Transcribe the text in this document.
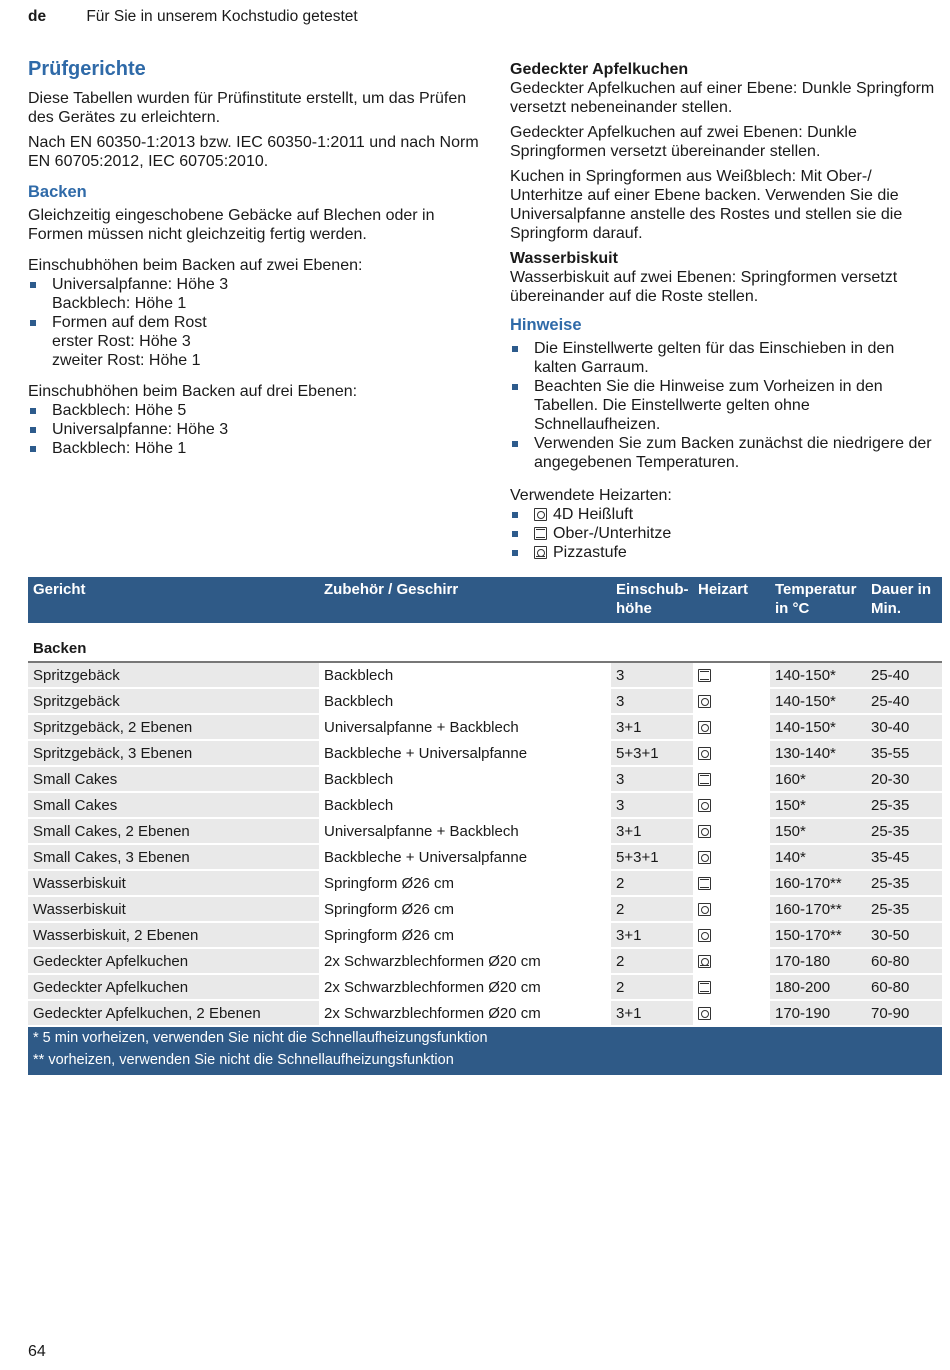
de	Für Sie in unserem Kochstudio getestet
Prüfgerichte

Diese Tabellen wurden für Prüfinstitute erstellt, um das Prüfen des Gerätes zu erleichtern.

Nach EN 60350-1:2013 bzw. IEC 60350-1:2011 und nach Norm EN 60705:2012, IEC 60705:2010.

Backen

Gleichzeitig eingeschobene Gebäcke auf Blechen oder in Formen müssen nicht gleichzeitig fertig werden.

Einschubhöhen beim Backen auf zwei Ebenen:

Universalpfanne: Höhe 3
Backblech: Höhe 1
Formen auf dem Rost
erster Rost: Höhe 3
zweiter Rost: Höhe 1

Einschubhöhen beim Backen auf drei Ebenen:

Backblech: Höhe 5
Universalpfanne: Höhe 3
Backblech: Höhe 1
Gedeckter Apfelkuchen

Gedeckter Apfelkuchen auf einer Ebene: Dunkle Springform versetzt nebeneinander stellen.

Gedeckter Apfelkuchen auf zwei Ebenen: Dunkle Springformen versetzt übereinander stellen.

Kuchen in Springformen aus Weißblech: Mit Ober-/ Unterhitze auf einer Ebene backen. Verwenden Sie die Universalpfanne anstelle des Rostes und stellen sie die Springform darauf.

Wasserbiskuit

Wasserbiskuit auf zwei Ebenen: Springformen versetzt übereinander auf die Roste stellen.

Hinweise
Die Einstellwerte gelten für das Einschieben in den kalten Garraum.
Beachten Sie die Hinweise zum Vorheizen in den Tabellen. Die Einstellwerte gelten ohne Schnellaufheizen.
Verwenden Sie zum Backen zunächst die niedrigere der angegebenen Temperaturen.

Verwendete Heizarten:

4D Heißluft
Ober-/Unterhitze
Pizzastufe
Gericht	Zubehör / Geschirr	Einschub-höhe	Heizart	Temperatur in °C	Dauer in Min.
Backen					
Spritzgebäck	Backblech	3		140-150*	25-40
Spritzgebäck	Backblech	3		140-150*	25-40
Spritzgebäck, 2 Ebenen	Universalpfanne + Backblech	3+1		140-150*	30-40
Spritzgebäck, 3 Ebenen	Backbleche + Universalpfanne	5+3+1		130-140*	35-55
Small Cakes	Backblech	3		160*	20-30
Small Cakes	Backblech	3		150*	25-35
Small Cakes, 2 Ebenen	Universalpfanne + Backblech	3+1		150*	25-35
Small Cakes, 3 Ebenen	Backbleche + Universalpfanne	5+3+1		140*	35-45
Wasserbiskuit	Springform Ø26 cm	2		160-170**	25-35
Wasserbiskuit	Springform Ø26 cm	2		160-170**	25-35
Wasserbiskuit, 2 Ebenen	Springform Ø26 cm	3+1		150-170**	30-50
Gedeckter Apfelkuchen	2x Schwarzblechformen Ø20 cm	2		170-180	60-80
Gedeckter Apfelkuchen	2x Schwarzblechformen Ø20 cm	2		180-200	60-80
Gedeckter Apfelkuchen, 2 Ebenen	2x Schwarzblechformen Ø20 cm	3+1		170-190	70-90
* 5 min vorheizen, verwenden Sie nicht die Schnellaufheizungsfunktion					
** vorheizen, verwenden Sie nicht die Schnellaufheizungsfunktion					
64
